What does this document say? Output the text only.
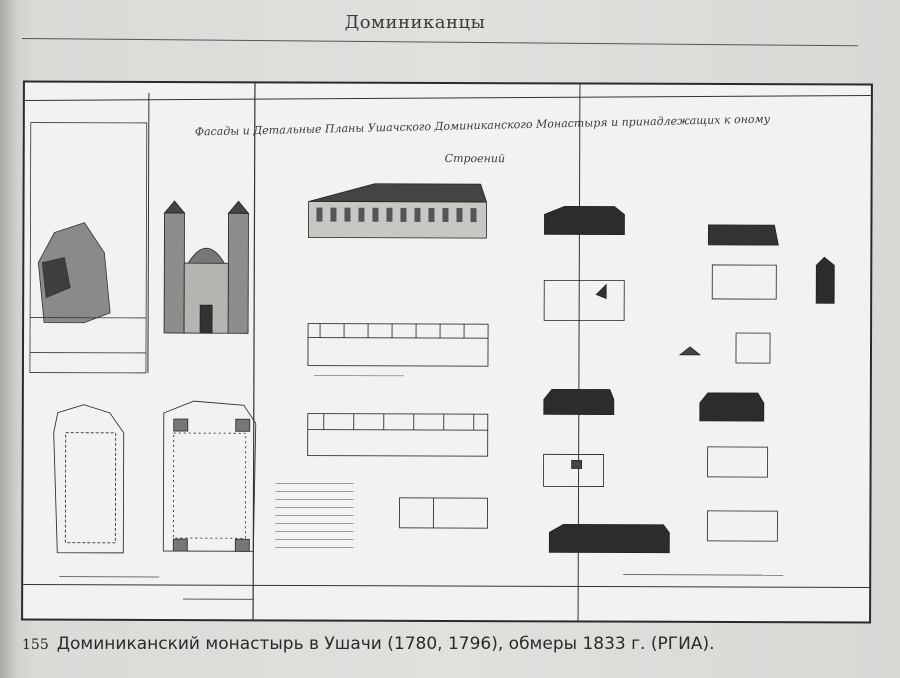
Доминиканцы
Фасады и Детальные Планы Ушачского Доминиканского Монастыря и принадлежащих к оному
Строений
155 Доминиканский монастырь в Ушачи (1780, 1796), обмеры 1833 г. (РГИА).
